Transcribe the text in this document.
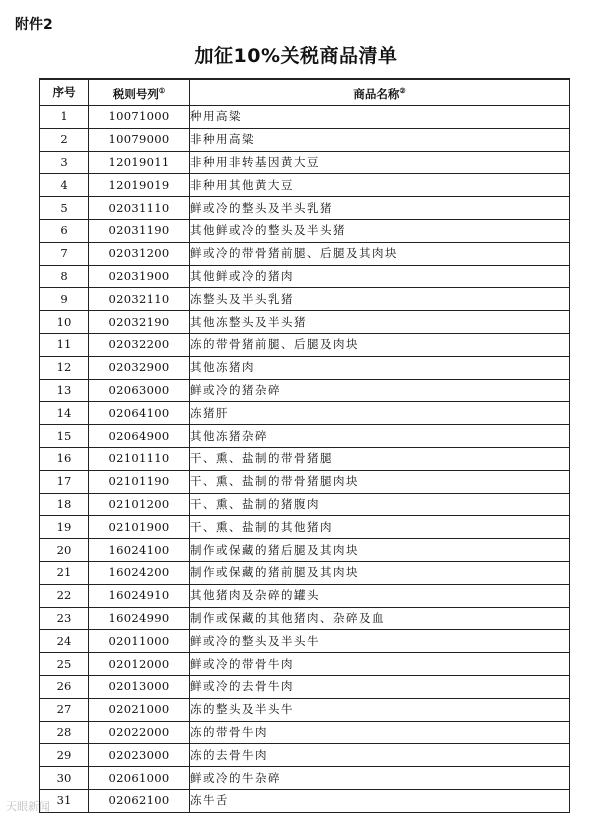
附件2
加征10%关税商品清单
序号	税则号列①	商品名称②
1	10071000	种用高粱
2	10079000	非种用高粱
3	12019011	非种用非转基因黄大豆
4	12019019	非种用其他黄大豆
5	02031110	鲜或冷的整头及半头乳猪
6	02031190	其他鲜或冷的整头及半头猪
7	02031200	鲜或冷的带骨猪前腿、后腿及其肉块
8	02031900	其他鲜或冷的猪肉
9	02032110	冻整头及半头乳猪
10	02032190	其他冻整头及半头猪
11	02032200	冻的带骨猪前腿、后腿及肉块
12	02032900	其他冻猪肉
13	02063000	鲜或冷的猪杂碎
14	02064100	冻猪肝
15	02064900	其他冻猪杂碎
16	02101110	干、熏、盐制的带骨猪腿
17	02101190	干、熏、盐制的带骨猪腿肉块
18	02101200	干、熏、盐制的猪腹肉
19	02101900	干、熏、盐制的其他猪肉
20	16024100	制作或保藏的猪后腿及其肉块
21	16024200	制作或保藏的猪前腿及其肉块
22	16024910	其他猪肉及杂碎的罐头
23	16024990	制作或保藏的其他猪肉、杂碎及血
24	02011000	鲜或冷的整头及半头牛
25	02012000	鲜或冷的带骨牛肉
26	02013000	鲜或冷的去骨牛肉
27	02021000	冻的整头及半头牛
28	02022000	冻的带骨牛肉
29	02023000	冻的去骨牛肉
30	02061000	鲜或冷的牛杂碎
31	02062100	冻牛舌
天眼新闻
